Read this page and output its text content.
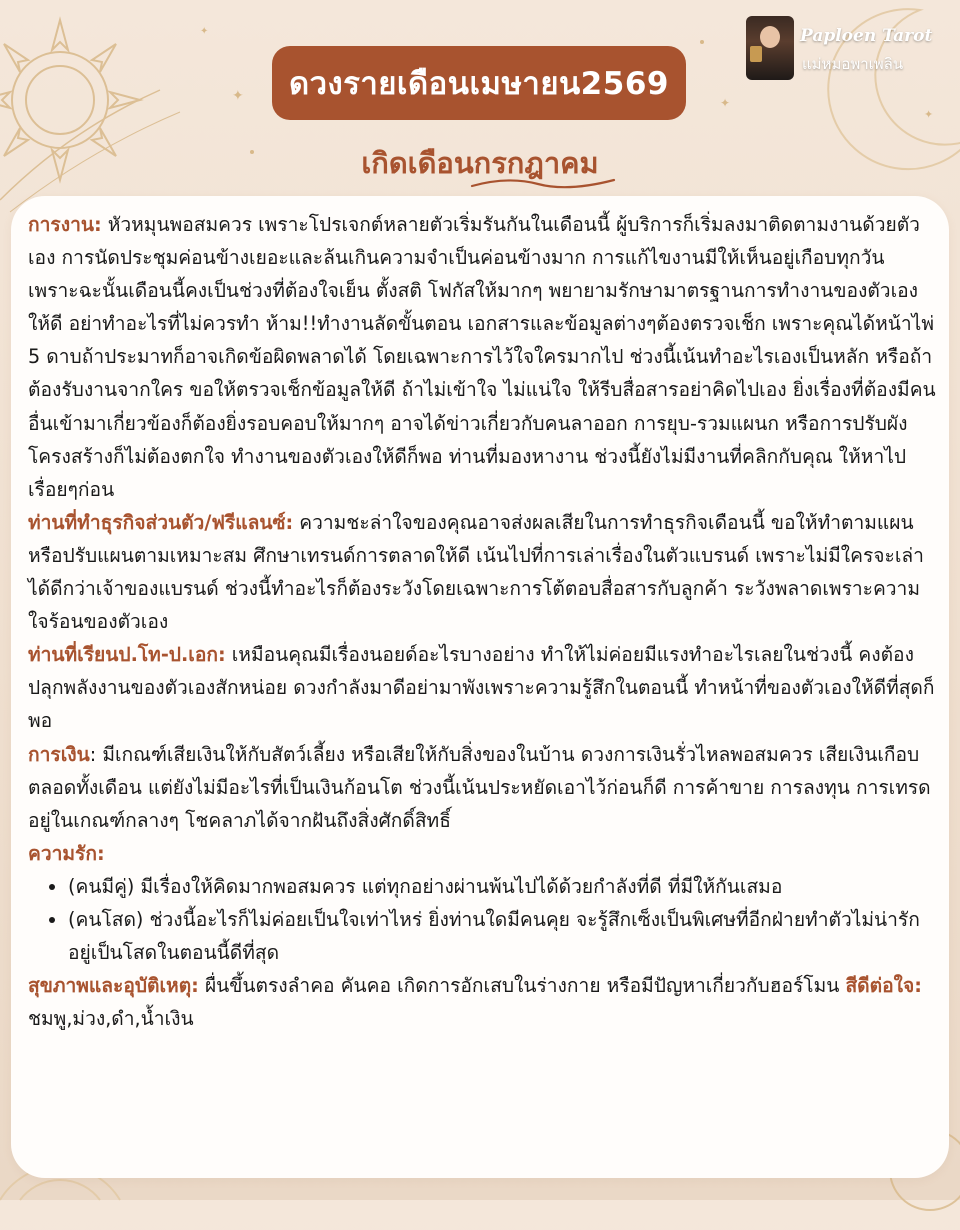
✦
✦
✦
✦
Paploen Tarot
แม่หมอพาเพลิน
ดวงรายเดือนเมษายน2569
เกิดเดือนกรกฎาคม

การงาน: หัวหมุนพอสมควร เพราะโปรเจกต์หลายตัวเริ่มรันกันในเดือนนี้ ผู้บริการก็เริ่มลงมาติดตามงานด้วยตัวเอง การนัดประชุมค่อนข้างเยอะและล้นเกินความจำเป็นค่อนข้างมาก การแก้ไขงานมีให้เห็นอยู่เกือบทุกวัน เพราะฉะนั้นเดือนนี้คงเป็นช่วงที่ต้องใจเย็น ตั้งสติ โฟกัสให้มากๆ พยายามรักษามาตรฐานการทำงานของตัวเองให้ดี อย่าทำอะไรที่ไม่ควรทำ ห้าม!!ทำงานลัดขั้นตอน เอกสารและข้อมูลต่างๆต้องตรวจเช็ก เพราะคุณได้หน้าไพ่ 5 ดาบถ้าประมาทก็อาจเกิดข้อผิดพลาดได้ โดยเฉพาะการไว้ใจใครมากไป ช่วงนี้เน้นทำอะไรเองเป็นหลัก หรือถ้าต้องรับงานจากใคร ขอให้ตรวจเช็กข้อมูลให้ดี ถ้าไม่เข้าใจ ไม่แน่ใจ ให้รีบสื่อสารอย่าคิดไปเอง ยิ่งเรื่องที่ต้องมีคนอื่นเข้ามาเกี่ยวข้องก็ต้องยิ่งรอบคอบให้มากๆ อาจได้ข่าวเกี่ยวกับคนลาออก การยุบ-รวมแผนก หรือการปรับผังโครงสร้างก็ไม่ต้องตกใจ ทำงานของตัวเองให้ดีก็พอ ท่านที่มองหางาน ช่วงนี้ยังไม่มีงานที่คลิกกับคุณ ให้หาไปเรื่อยๆก่อน

ท่านที่ทำธุรกิจส่วนตัว/ฟรีแลนซ์: ความชะล่าใจของคุณอาจส่งผลเสียในการทำธุรกิจเดือนนี้ ขอให้ทำตามแผน หรือปรับแผนตามเหมาะสม ศึกษาเทรนด์การตลาดให้ดี เน้นไปที่การเล่าเรื่องในตัวแบรนด์ เพราะไม่มีใครจะเล่าได้ดีกว่าเจ้าของแบรนด์ ช่วงนี้ทำอะไรก็ต้องระวังโดยเฉพาะการโต้ตอบสื่อสารกับลูกค้า ระวังพลาดเพราะความใจร้อนของตัวเอง

ท่านที่เรียนป.โท-ป.เอก: เหมือนคุณมีเรื่องนอยด์อะไรบางอย่าง ทำให้ไม่ค่อยมีแรงทำอะไรเลยในช่วงนี้ คงต้องปลุกพลังงานของตัวเองสักหน่อย ดวงกำลังมาดีอย่ามาพังเพราะความรู้สึกในตอนนี้ ทำหน้าที่ของตัวเองให้ดีที่สุดก็พอ

การเงิน: มีเกณฑ์เสียเงินให้กับสัตว์เลี้ยง หรือเสียให้กับสิ่งของในบ้าน ดวงการเงินรั่วไหลพอสมควร เสียเงินเกือบตลอดทั้งเดือน แต่ยังไม่มีอะไรที่เป็นเงินก้อนโต ช่วงนี้เน้นประหยัดเอาไว้ก่อนก็ดี การค้าขาย การลงทุน การเทรดอยู่ในเกณฑ์กลางๆ โชคลาภได้จากฝันถึงสิ่งศักดิ์สิทธิ์

ความรัก:

• (คนมีคู่) มีเรื่องให้คิดมากพอสมควร แต่ทุกอย่างผ่านพ้นไปได้ด้วยกำลังที่ดี ที่มีให้กันเสมอ
• (คนโสด) ช่วงนี้อะไรก็ไม่ค่อยเป็นใจเท่าไหร่ ยิ่งท่านใดมีคนคุย จะรู้สึกเซ็งเป็นพิเศษที่อีกฝ่ายทำตัวไม่น่ารัก อยู่เป็นโสดในตอนนี้ดีที่สุด

สุขภาพและอุบัติเหตุ: ผื่นขึ้นตรงลำคอ คันคอ เกิดการอักเสบในร่างกาย หรือมีปัญหาเกี่ยวกับฮอร์โมน สีดีต่อใจ: ชมพู,ม่วง,ดำ,น้ำเงิน
